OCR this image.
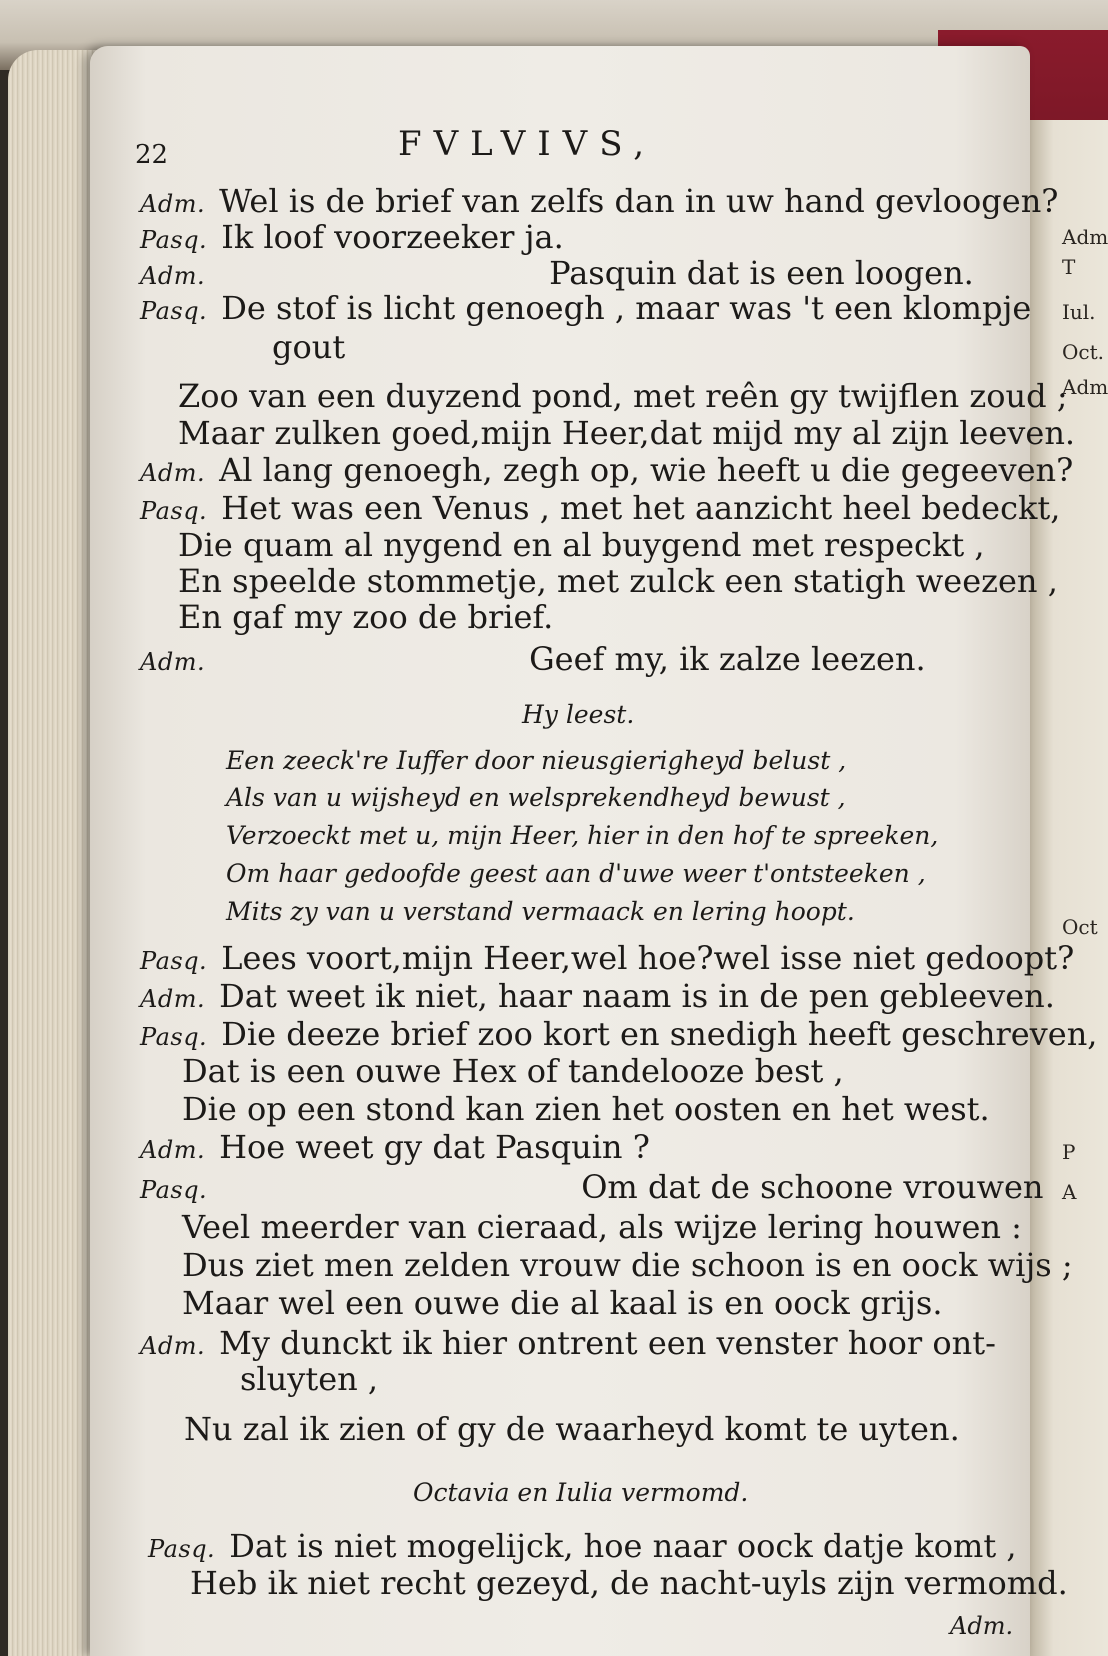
Adm
T
Iul.
Oct.
Adm
Oct
P
A
22	FVLVIVS,
Adm. Wel is de brief van zelfs dan in uw hand gevloogen?
Pasq. Ik loof voorzeeker ja.
Adm.	Pasquin dat is een loogen.
Pasq. De stof is licht genoegh , maar was 't een klompje
gout
Zoo van een duyzend pond, met reên gy twijflen zoud ;
Maar zulken goed,mijn Heer,dat mijd my al zijn leeven.
Adm. Al lang genoegh, zegh op, wie heeft u die gegeeven?
Pasq. Het was een Venus , met het aanzicht heel bedeckt,
Die quam al nygend en al buygend met respeckt ,
En speelde stommetje, met zulck een statigh weezen ,
En gaf my zoo de brief.
Adm.	Geef my, ik zalze leezen.
Hy leest.
Een zeeck're Iuffer door nieusgierigheyd belust ,
Als van u wijsheyd en welsprekendheyd bewust ,
Verzoeckt met u, mijn Heer, hier in den hof te spreeken,
Om haar gedoofde geest aan d'uwe weer t'ontsteeken ,
Mits zy van u verstand vermaack en lering hoopt.
Pasq. Lees voort,mijn Heer,wel hoe?wel isse niet gedoopt?
Adm. Dat weet ik niet, haar naam is in de pen gebleeven.
Pasq. Die deeze brief zoo kort en snedigh heeft geschreven,
Dat is een ouwe Hex of tandelooze best ,
Die op een stond kan zien het oosten en het west.
Adm. Hoe weet gy dat Pasquin ?
Pasq.	Om dat de schoone vrouwen
Veel meerder van cieraad, als wijze lering houwen :
Dus ziet men zelden vrouw die schoon is en oock wijs ;
Maar wel een ouwe die al kaal is en oock grijs.
Adm. My dunckt ik hier ontrent een venster hoor ont-
sluyten ,
Nu zal ik zien of gy de waarheyd komt te uyten.
Octavia en Iulia vermomd.
Pasq. Dat is niet mogelijck, hoe naar oock datje komt ,
Heb ik niet recht gezeyd, de nacht-uyls zijn vermomd.
Adm.
